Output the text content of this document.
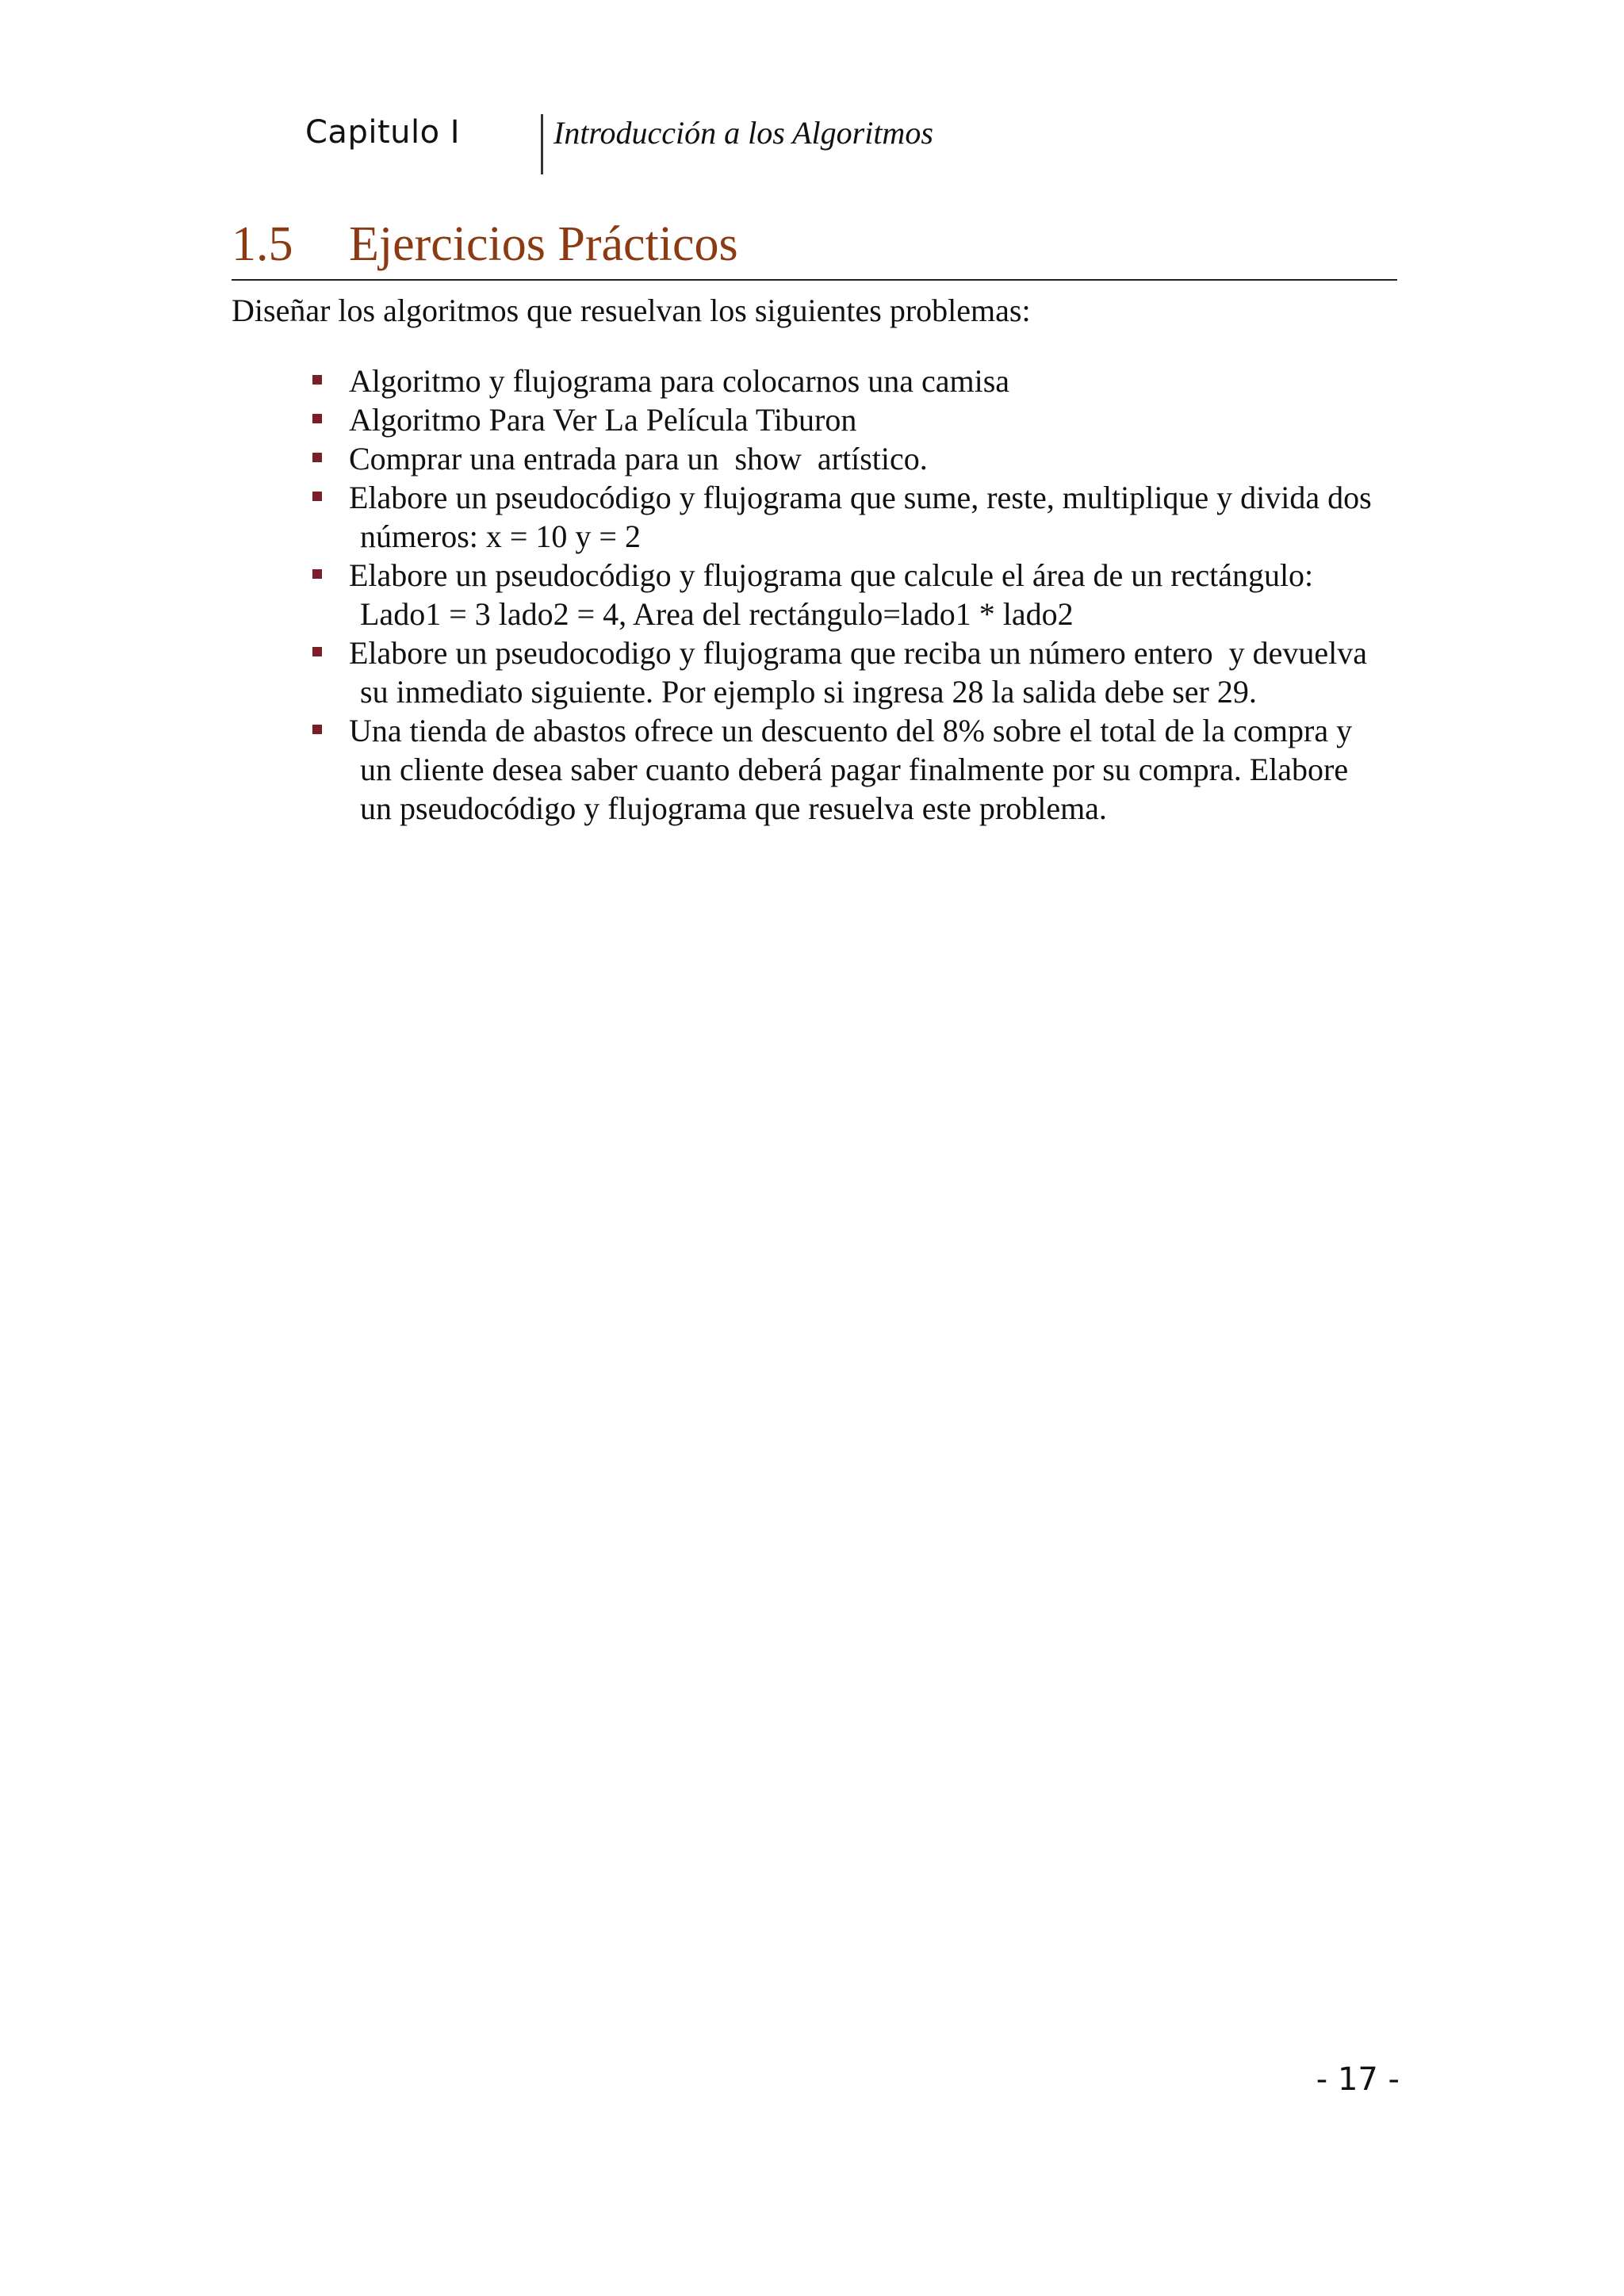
Capitulo I	Introducción a los Algoritmos
1.5 Ejercicios Prácticos

Diseñar los algoritmos que resuelvan los siguientes problemas:

Algoritmo y flujograma para colocarnos una camisa
Algoritmo Para Ver La Película Tiburon
Comprar una entrada para un  show  artístico.
Elabore un pseudocódigo y flujograma que sume, reste, multiplique y divida dos
números: x = 10 y = 2
Elabore un pseudocódigo y flujograma que calcule el área de un rectángulo:
Lado1 = 3 lado2 = 4, Area del rectángulo=lado1 * lado2
Elabore un pseudocodigo y flujograma que reciba un número entero  y devuelva
su inmediato siguiente. Por ejemplo si ingresa 28 la salida debe ser 29.
Una tienda de abastos ofrece un descuento del 8% sobre el total de la compra y
un cliente desea saber cuanto deberá pagar finalmente por su compra. Elabore
un pseudocódigo y flujograma que resuelva este problema.
- 17 -
